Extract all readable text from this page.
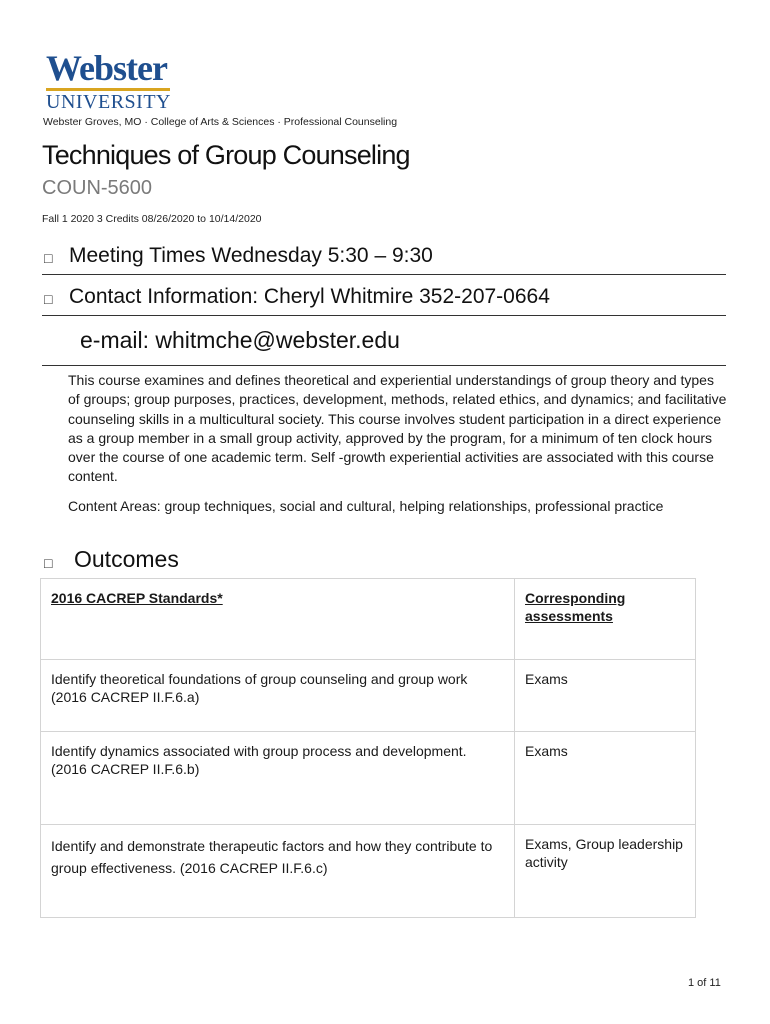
Webster
UNIVERSITY
Webster Groves, MO · College of Arts & Sciences · Professional Counseling
Techniques of Group Counseling
COUN-5600
Fall 1 2020 3 Credits 08/26/2020 to 10/14/2020
□ Meeting Times Wednesday 5:30 – 9:30
□ Contact Information: Cheryl Whitmire 352-207-0664
e-mail: whitmche@webster.edu

This course examines and defines theoretical and experiential understandings of group theory and types of groups; group purposes, practices, development, methods, related ethics, and dynamics; and facilitative counseling skills in a multicultural society. This course involves student participation in a direct experience as a group member in a small group activity, approved by the program, for a minimum of ten clock hours over the course of one academic term. Self -growth experiential activities are associated with this course content.

Content Areas: group techniques, social and cultural, helping relationships, professional practice

□ Outcomes
2016 CACREP Standards*	Corresponding assessments
Identify theoretical foundations of group counseling and group work (2016 CACREP II.F.6.a)	Exams
Identify dynamics associated with group process and development. (2016 CACREP II.F.6.b)	Exams
Identify and demonstrate therapeutic factors and how they contribute to group effectiveness. (2016 CACREP II.F.6.c)	Exams, Group leadership activity
1 of 11
